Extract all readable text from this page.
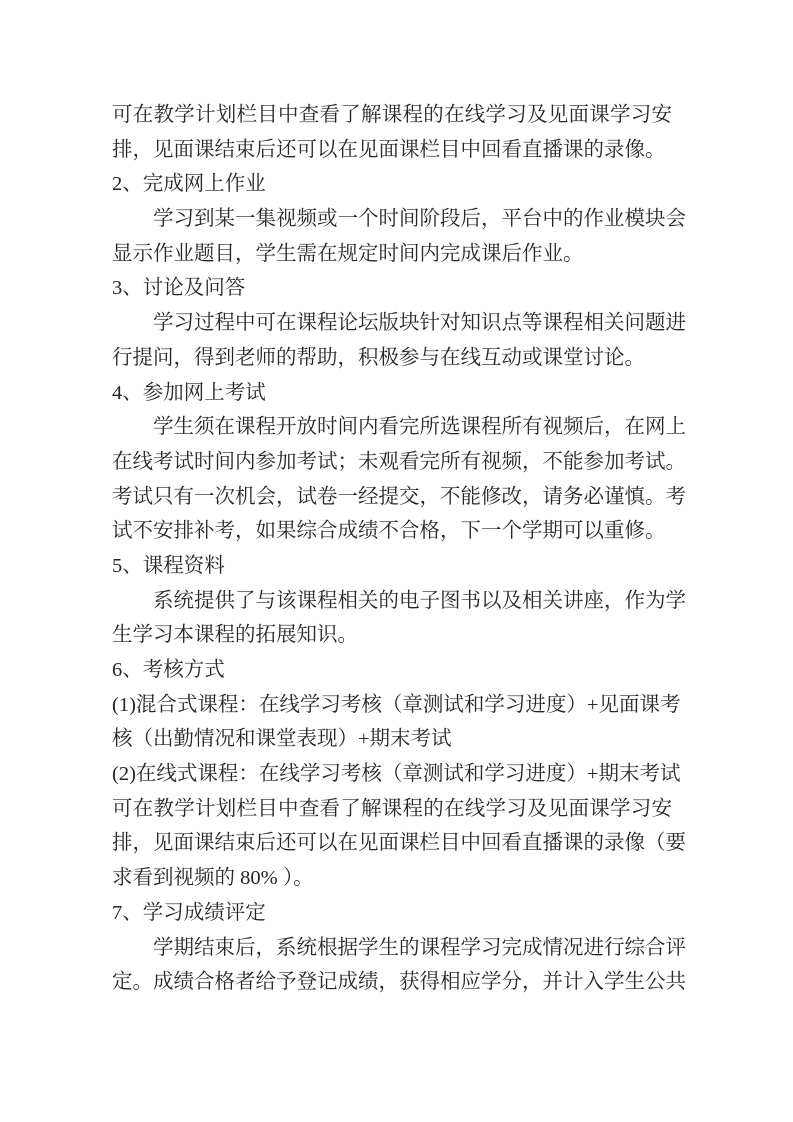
可在教学计划栏目中查看了解课程的在线学习及见面课学习安
排，见面课结束后还可以在见面课栏目中回看直播课的录像。
2、完成网上作业
学习到某一集视频或一个时间阶段后，平台中的作业模块会
显示作业题目，学生需在规定时间内完成课后作业。
3、讨论及问答
学习过程中可在课程论坛版块针对知识点等课程相关问题进
行提问，得到老师的帮助，积极参与在线互动或课堂讨论。
4、参加网上考试
学生须在课程开放时间内看完所选课程所有视频后，在网上
在线考试时间内参加考试；未观看完所有视频，不能参加考试。
考试只有一次机会，试卷一经提交，不能修改，请务必谨慎。考
试不安排补考，如果综合成绩不合格，下一个学期可以重修。
5、课程资料
系统提供了与该课程相关的电子图书以及相关讲座，作为学
生学习本课程的拓展知识。
6、考核方式
(1)混合式课程：在线学习考核（章测试和学习进度）+见面课考
核（出勤情况和课堂表现）+期末考试
(2)在线式课程：在线学习考核（章测试和学习进度）+期末考试
可在教学计划栏目中查看了解课程的在线学习及见面课学习安
排，见面课结束后还可以在见面课栏目中回看直播课的录像（要
求看到视频的 80% ）。
7、学习成绩评定
学期结束后，系统根据学生的课程学习完成情况进行综合评
定。成绩合格者给予登记成绩，获得相应学分，并计入学生公共
